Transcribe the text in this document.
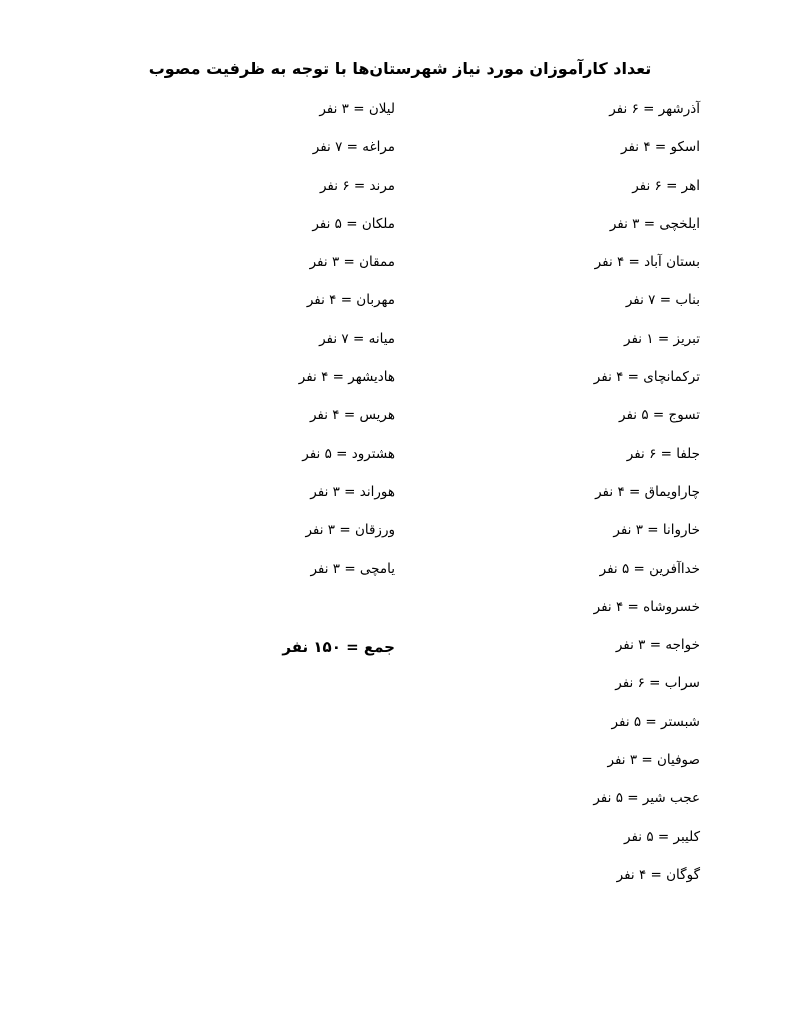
تعداد کارآموزان مورد نیاز شهرستان‌ها با توجه به ظرفیت مصوب
آذرشهر = ۶ نفر
اسکو = ۴ نفر
اهر = ۶ نفر
ایلخچی = ۳ نفر
بستان آباد = ۴ نفر
بناب = ۷ نفر
تبریز = ۱ نفر
ترکمانچای = ۴ نفر
تسوج = ۵ نفر
جلفا = ۶ نفر
چاراویماق = ۴ نفر
خاروانا = ۳ نفر
خداآفرین = ۵ نفر
خسروشاه = ۴ نفر
خواجه = ۳ نفر
سراب = ۶ نفر
شبستر = ۵ نفر
صوفیان = ۳ نفر
عجب شیر = ۵ نفر
کلیبر = ۵ نفر
گوگان = ۴ نفر
لیلان = ۳ نفر
مراغه = ۷ نفر
مرند = ۶ نفر
ملکان = ۵ نفر
ممقان = ۳ نفر
مهربان = ۴ نفر
میانه = ۷ نفر
هادیشهر = ۴ نفر
هریس = ۴ نفر
هشترود = ۵ نفر
هوراند = ۳ نفر
ورزقان = ۳ نفر
یامچی = ۳ نفر
جمع = ۱۵۰ نفر
